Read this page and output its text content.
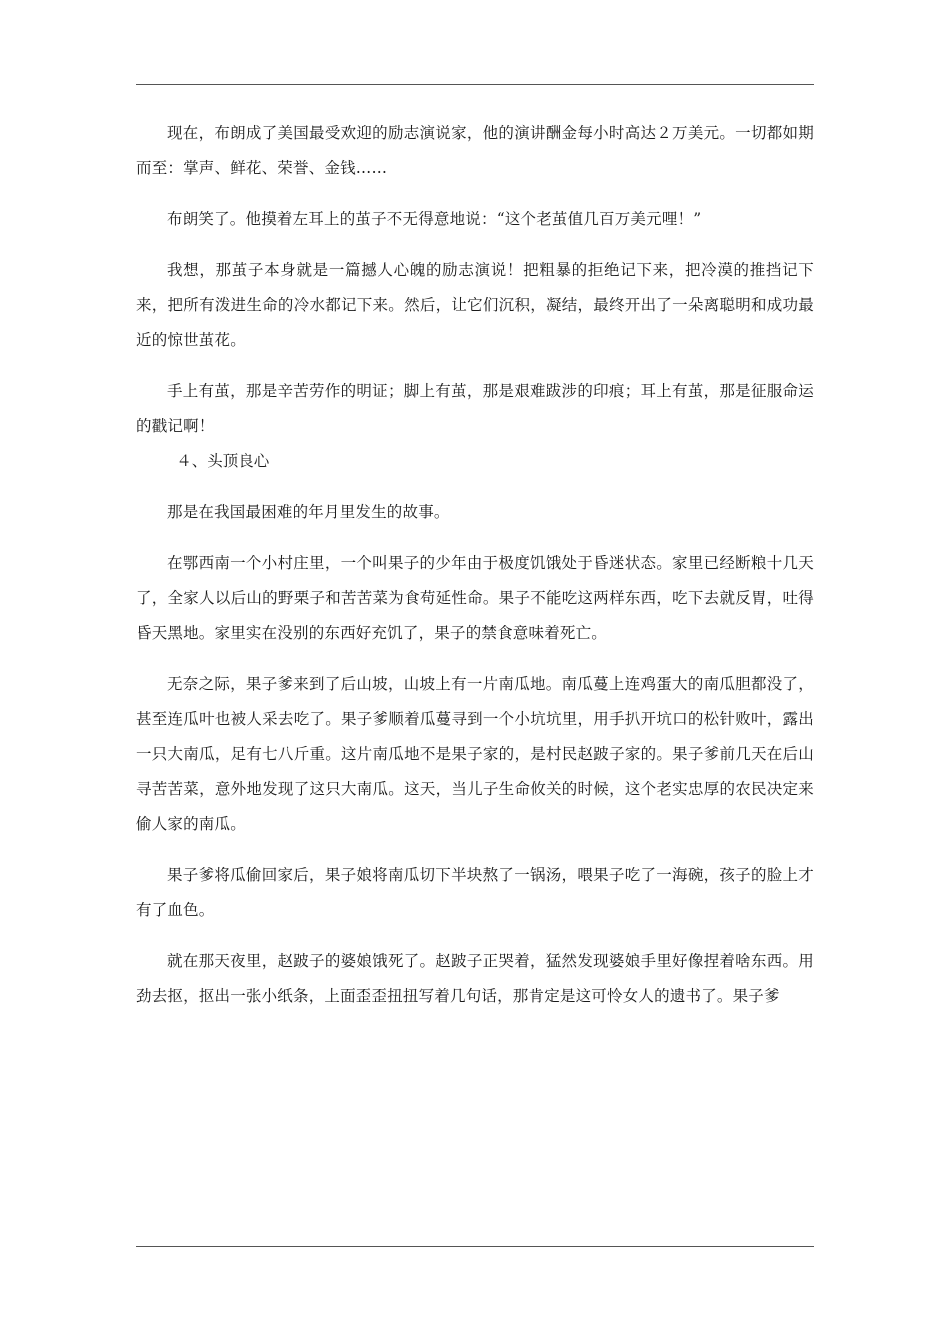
现在，布朗成了美国最受欢迎的励志演说家，他的演讲酬金每小时高达２万美元。一切都如期而至：掌声、鲜花、荣誉、金钱……

布朗笑了。他摸着左耳上的茧子不无得意地说：“这个老茧值几百万美元哩！”

我想，那茧子本身就是一篇撼人心魄的励志演说！把粗暴的拒绝记下来，把冷漠的推挡记下来，把所有泼进生命的冷水都记下来。然后，让它们沉积，凝结，最终开出了一朵离聪明和成功最近的惊世茧花。

手上有茧，那是辛苦劳作的明证；脚上有茧，那是艰难跋涉的印痕；耳上有茧，那是征服命运的戳记啊！

４、头顶良心

那是在我国最困难的年月里发生的故事。

在鄂西南一个小村庄里，一个叫果子的少年由于极度饥饿处于昏迷状态。家里已经断粮十几天了，全家人以后山的野栗子和苦苦菜为食苟延性命。果子不能吃这两样东西，吃下去就反胃，吐得昏天黑地。家里实在没别的东西好充饥了，果子的禁食意味着死亡。

无奈之际，果子爹来到了后山坡，山坡上有一片南瓜地。南瓜蔓上连鸡蛋大的南瓜胆都没了，甚至连瓜叶也被人采去吃了。果子爹顺着瓜蔓寻到一个小坑坑里，用手扒开坑口的松针败叶，露出一只大南瓜，足有七八斤重。这片南瓜地不是果子家的，是村民赵跛子家的。果子爹前几天在后山寻苦苦菜，意外地发现了这只大南瓜。这天，当儿子生命攸关的时候，这个老实忠厚的农民决定来偷人家的南瓜。

果子爹将瓜偷回家后，果子娘将南瓜切下半块熬了一锅汤，喂果子吃了一海碗，孩子的脸上才有了血色。

就在那天夜里，赵跛子的婆娘饿死了。赵跛子正哭着，猛然发现婆娘手里好像捏着啥东西。用劲去抠，抠出一张小纸条，上面歪歪扭扭写着几句话，那肯定是这可怜女人的遗书了。果子爹
